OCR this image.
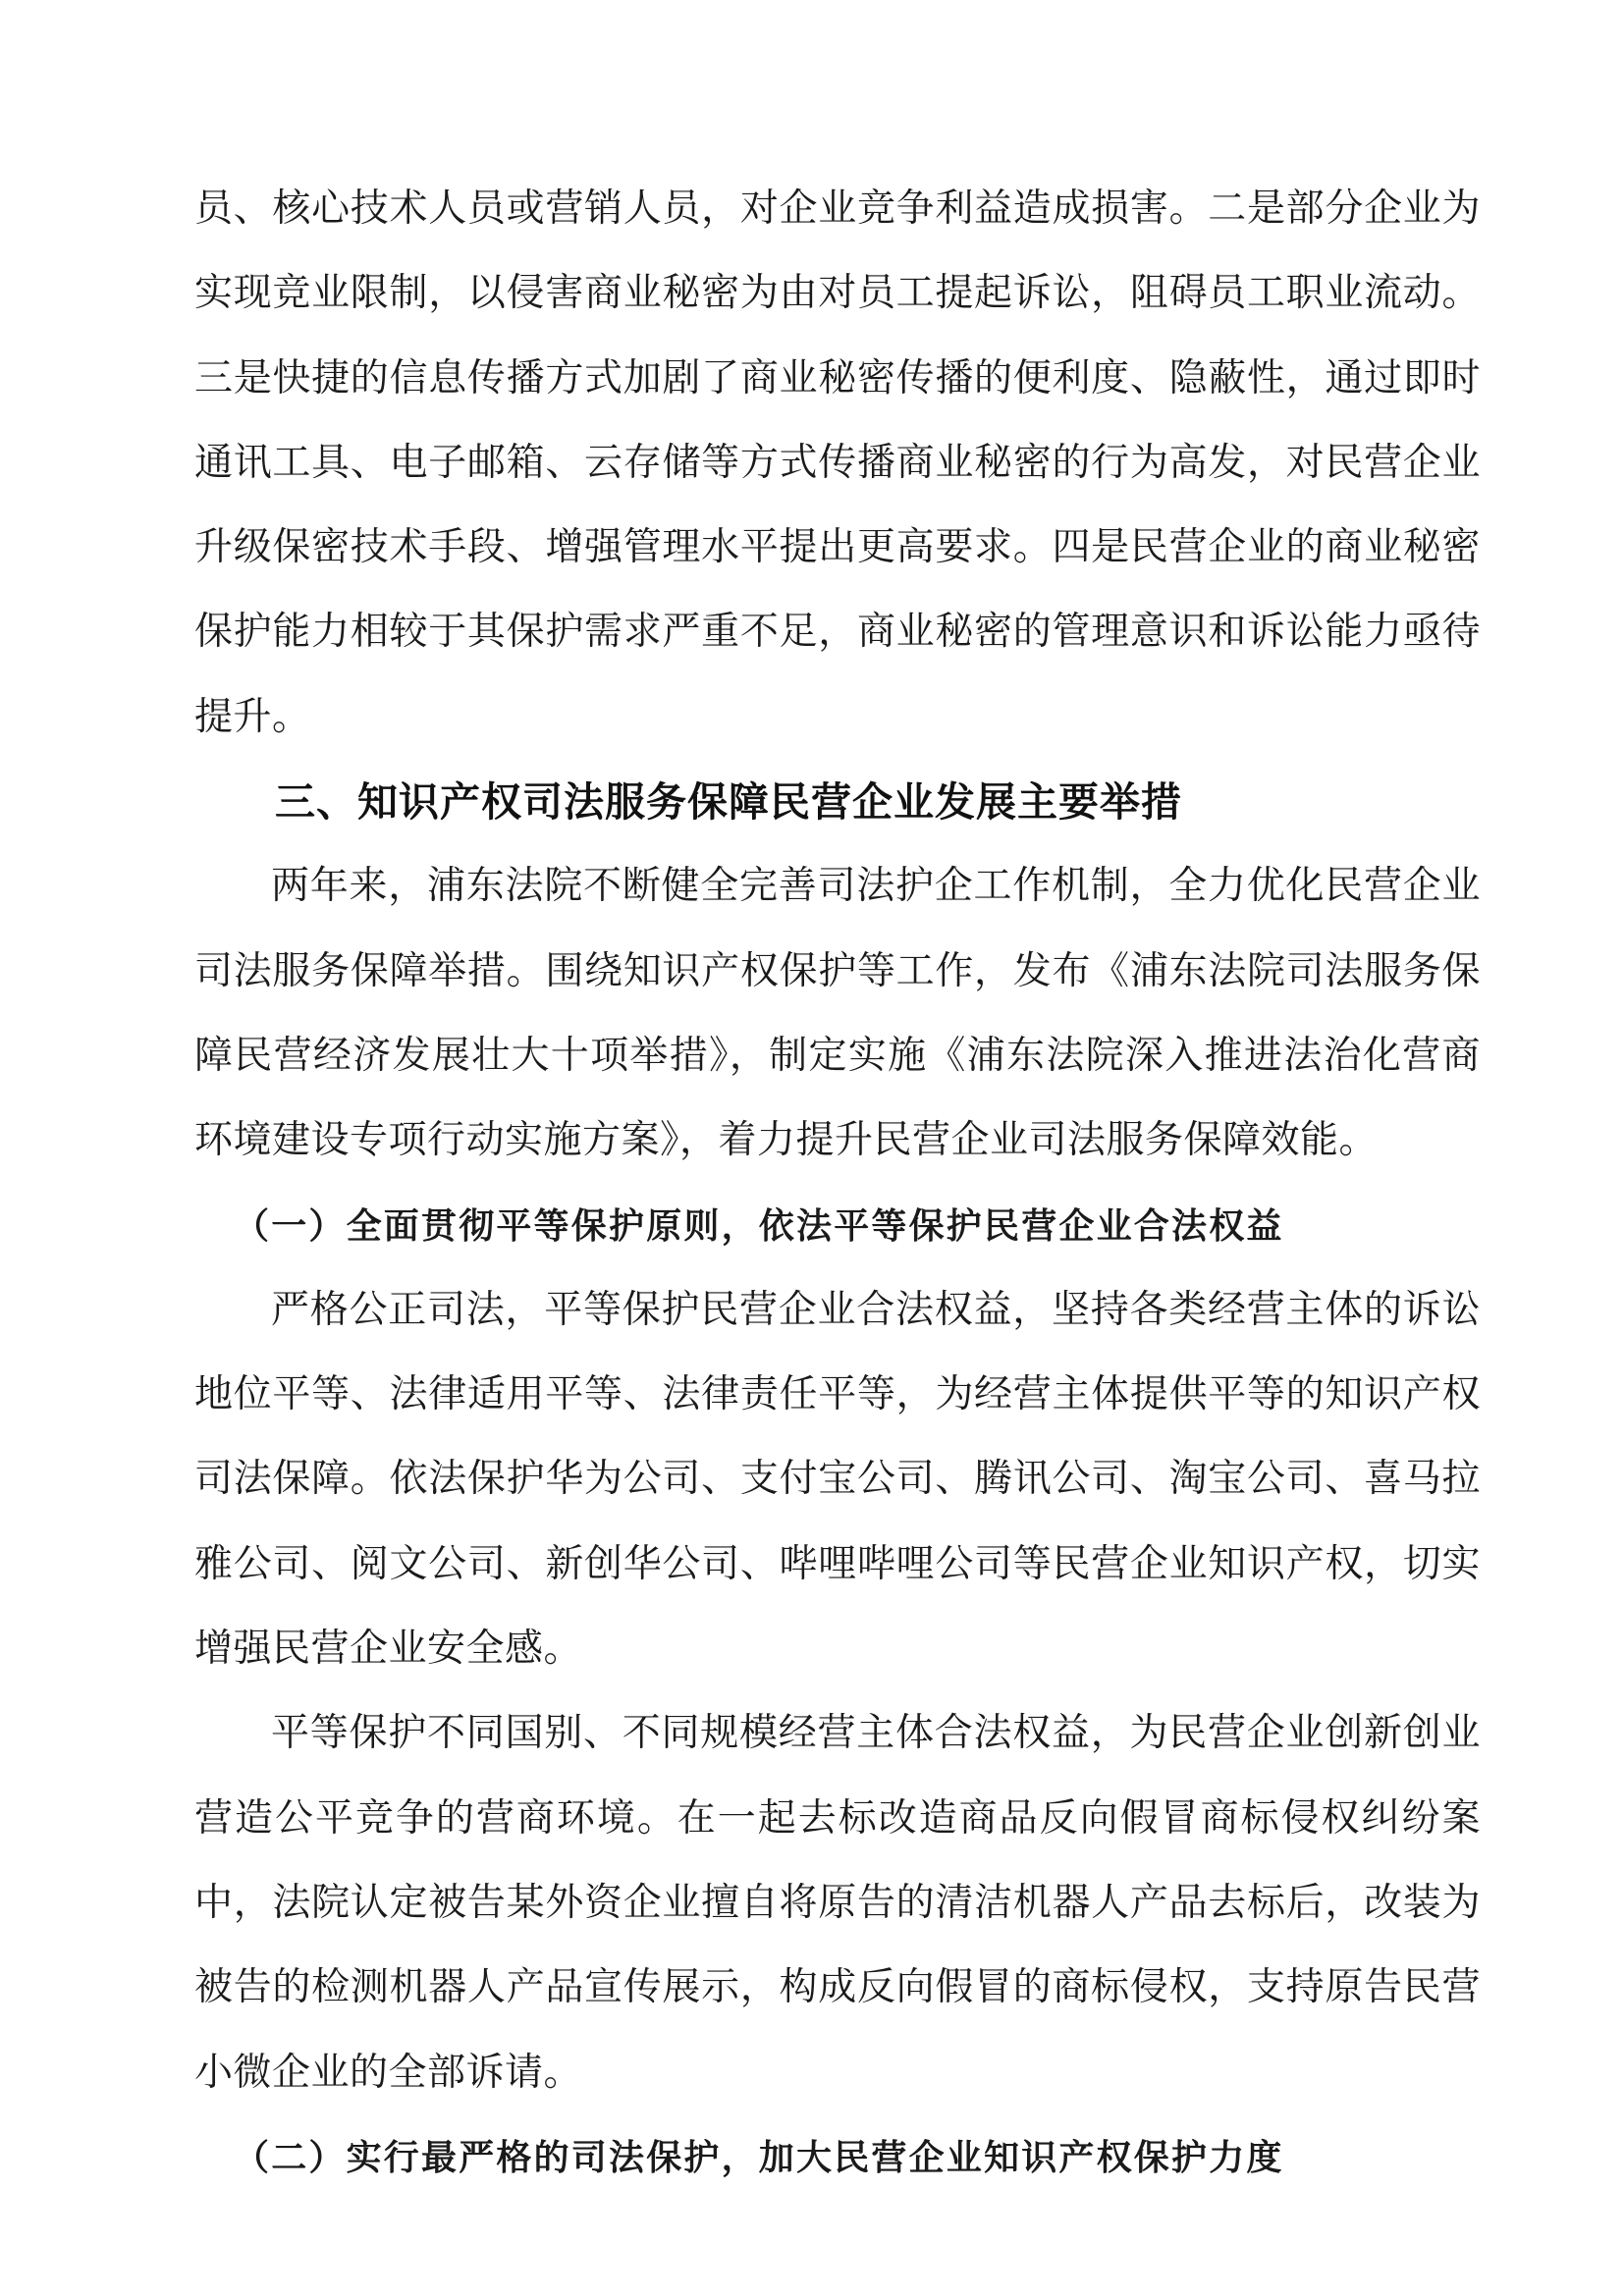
员、核心技术人员或营销人员，对企业竞争利益造成损害。二是部分企业为实现竞业限制，以侵害商业秘密为由对员工提起诉讼，阻碍员工职业流动。三是快捷的信息传播方式加剧了商业秘密传播的便利度、隐蔽性，通过即时通讯工具、电子邮箱、云存储等方式传播商业秘密的行为高发，对民营企业升级保密技术手段、增强管理水平提出更高要求。四是民营企业的商业秘密保护能力相较于其保护需求严重不足，商业秘密的管理意识和诉讼能力亟待提升。

三、知识产权司法服务保障民营企业发展主要举措

两年来，浦东法院不断健全完善司法护企工作机制，全力优化民营企业司法服务保障举措。围绕知识产权保护等工作，发布《浦东法院司法服务保障民营经济发展壮大十项举措》，制定实施《浦东法院深入推进法治化营商环境建设专项行动实施方案》，着力提升民营企业司法服务保障效能。

（一）全面贯彻平等保护原则，依法平等保护民营企业合法权益

严格公正司法，平等保护民营企业合法权益，坚持各类经营主体的诉讼地位平等、法律适用平等、法律责任平等，为经营主体提供平等的知识产权司法保障。依法保护华为公司、支付宝公司、腾讯公司、淘宝公司、喜马拉雅公司、阅文公司、新创华公司、哔哩哔哩公司等民营企业知识产权，切实增强民营企业安全感。

平等保护不同国别、不同规模经营主体合法权益，为民营企业创新创业营造公平竞争的营商环境。在一起去标改造商品反向假冒商标侵权纠纷案中，法院认定被告某外资企业擅自将原告的清洁机器人产品去标后，改装为被告的检测机器人产品宣传展示，构成反向假冒的商标侵权，支持原告民营小微企业的全部诉请。

（二）实行最严格的司法保护，加大民营企业知识产权保护力度
